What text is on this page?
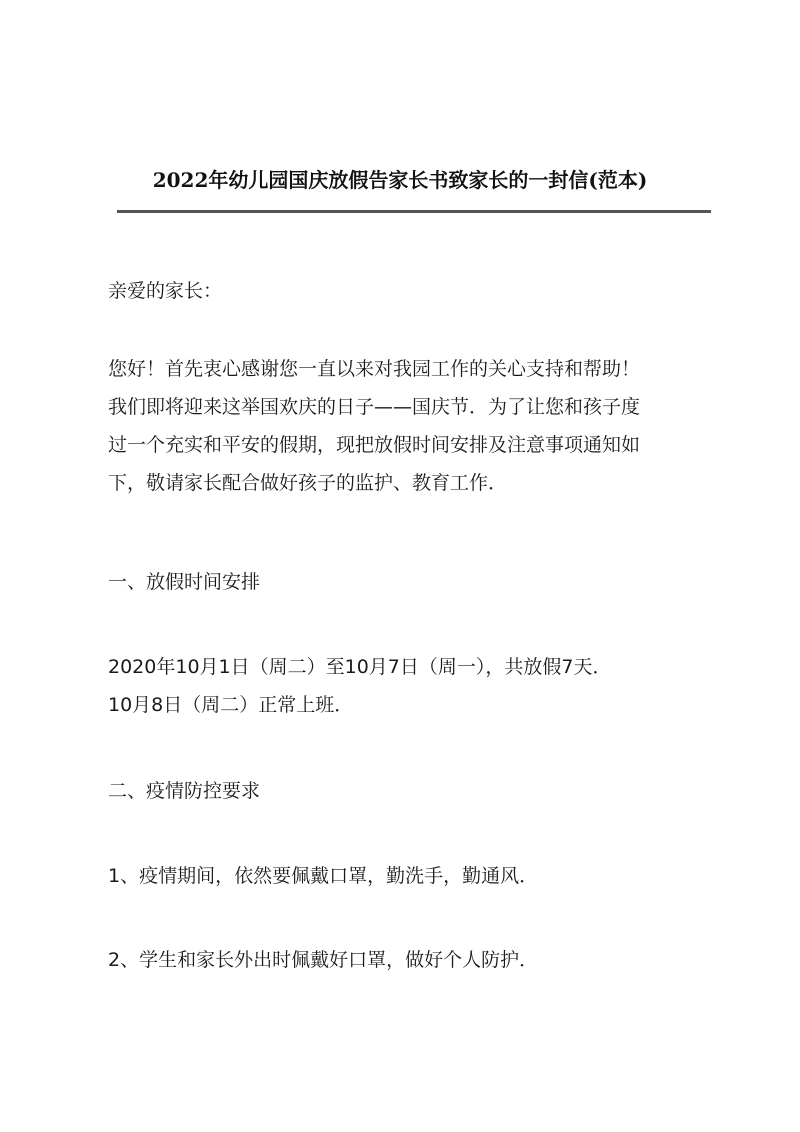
2022年幼儿园国庆放假告家长书致家长的一封信(范本)
亲爱的家长：
您好！首先衷心感谢您一直以来对我园工作的关心支持和帮助！
我们即将迎来这举国欢庆的日子——国庆节．为了让您和孩子度
过一个充实和平安的假期，现把放假时间安排及注意事项通知如
下，敬请家长配合做好孩子的监护、教育工作．
一、放假时间安排
2020年10月1日（周二）至10月7日（周一），共放假7天．
10月8日（周二）正常上班．
二、疫情防控要求
1、疫情期间，依然要佩戴口罩，勤洗手，勤通风．
2、学生和家长外出时佩戴好口罩，做好个人防护．
